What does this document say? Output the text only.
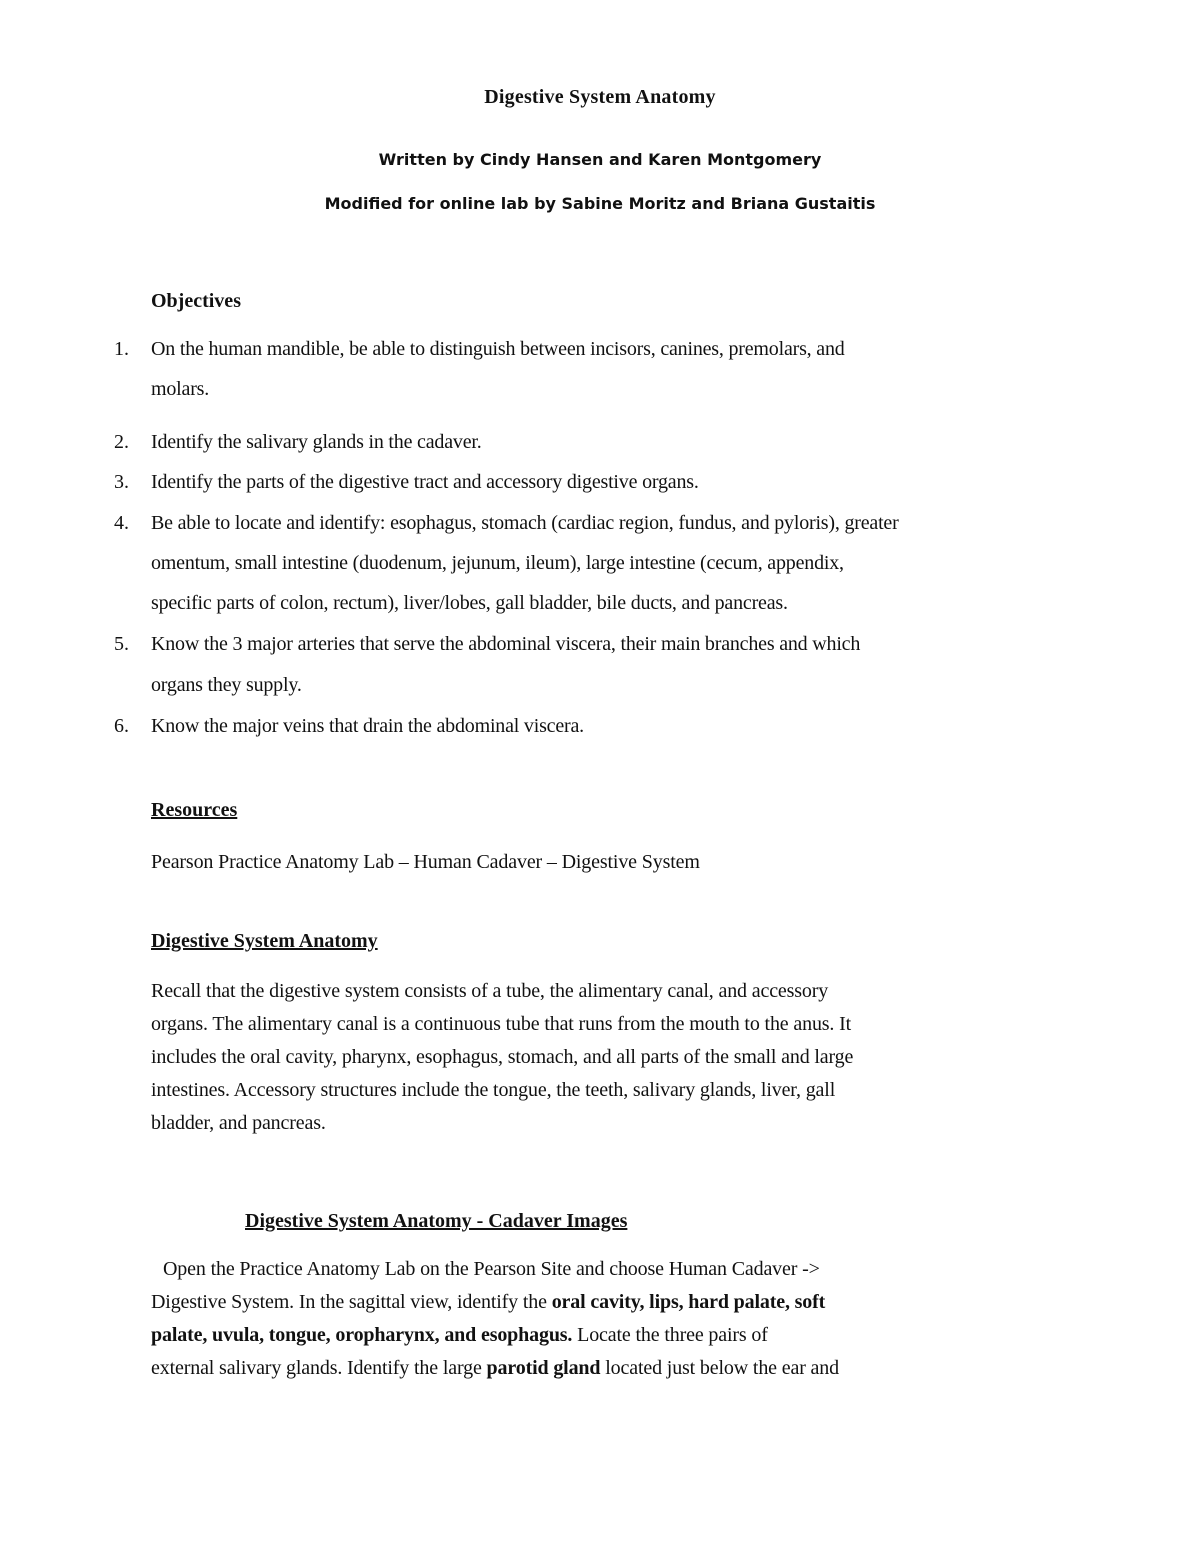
Digestive System Anatomy
Written by Cindy Hansen and Karen Montgomery
Modified for online lab by Sabine Moritz and Briana Gustaitis
Objectives
1.	On the human mandible, be able to distinguish between incisors, canines, premolars, and
molars.
2.	Identify the salivary glands in the cadaver.
3.	Identify the parts of the digestive tract and accessory digestive organs.
4.	Be able to locate and identify: esophagus, stomach (cardiac region, fundus, and pyloris), greater
omentum, small intestine (duodenum, jejunum, ileum), large intestine (cecum, appendix,
specific parts of colon, rectum), liver/lobes, gall bladder, bile ducts, and pancreas.
5.	Know the 3 major arteries that serve the abdominal viscera, their main branches and which
organs they supply.
6.	Know the major veins that drain the abdominal viscera.
Resources
Pearson Practice Anatomy Lab – Human Cadaver – Digestive System
Digestive System Anatomy
Recall that the digestive system consists of a tube, the alimentary canal, and accessory
organs. The alimentary canal is a continuous tube that runs from the mouth to the anus. It
includes the oral cavity, pharynx, esophagus, stomach, and all parts of the small and large
intestines. Accessory structures include the tongue, the teeth, salivary glands, liver, gall
bladder, and pancreas.
Digestive System Anatomy - Cadaver Images
Open the Practice Anatomy Lab on the Pearson Site and choose Human Cadaver ->
Digestive System. In the sagittal view, identify the oral cavity, lips, hard palate, soft
palate, uvula, tongue, oropharynx, and esophagus. Locate the three pairs of
external salivary glands. Identify the large parotid gland located just below the ear and
